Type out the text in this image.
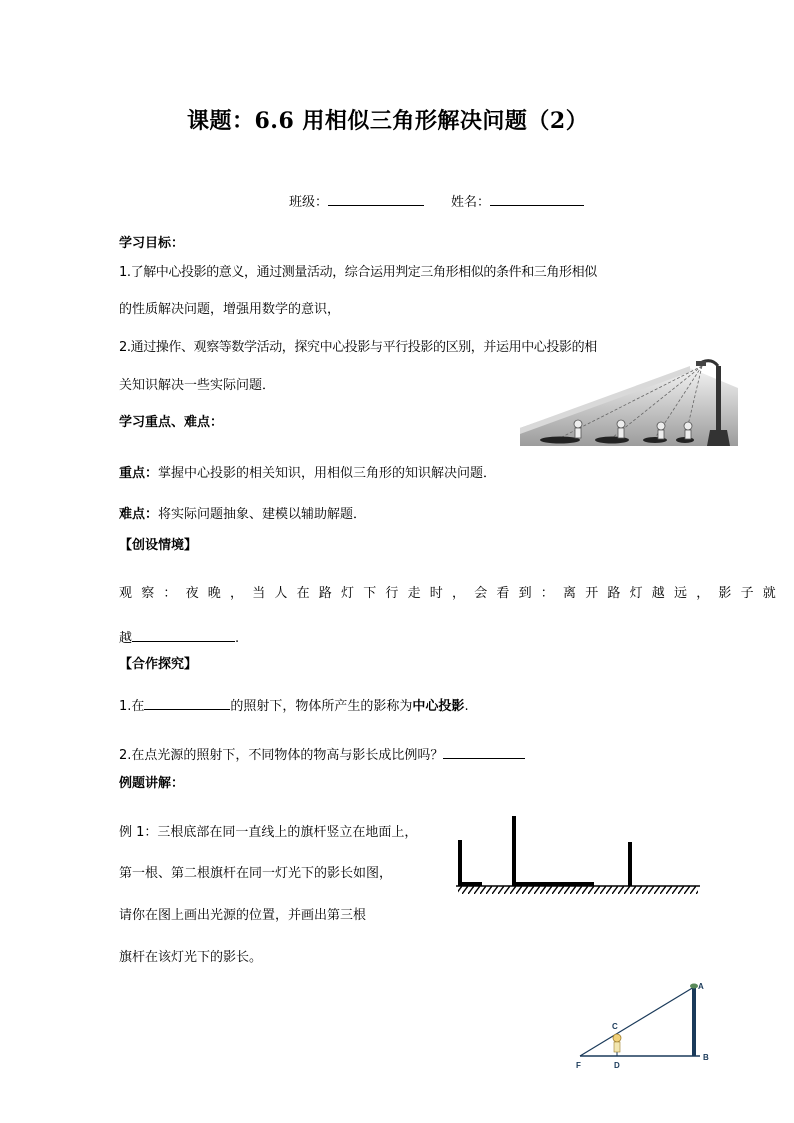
课题：6.6 用相似三角形解决问题（2）
班级：	姓名：
学习目标：
1.了解中心投影的意义，通过测量活动，综合运用判定三角形相似的条件和三角形相似
的性质解决问题，增强用数学的意识，
2.通过操作、观察等数学活动，探究中心投影与平行投影的区别，并运用中心投影的相
关知识解决一些实际问题．
学习重点、难点：
重点：掌握中心投影的相关知识，用相似三角形的知识解决问题．
难点：将实际问题抽象、建模以辅助解题．
【创设情境】
观察：夜晚，当人在路灯下行走时，会看到：离开路灯越远，影子就
越	.
【合作探究】
1.在	的照射下，物体所产生的影称为中心投影.
2.在点光源的照射下，不同物体的物高与影长成比例吗？
例题讲解：
例 1：三根底部在同一直线上的旗杆竖立在地面上，
第一根、第二根旗杆在同一灯光下的影长如图，
请你在图上画出光源的位置，并画出第三根
旗杆在该灯光下的影长。
A
B
C
D
F
